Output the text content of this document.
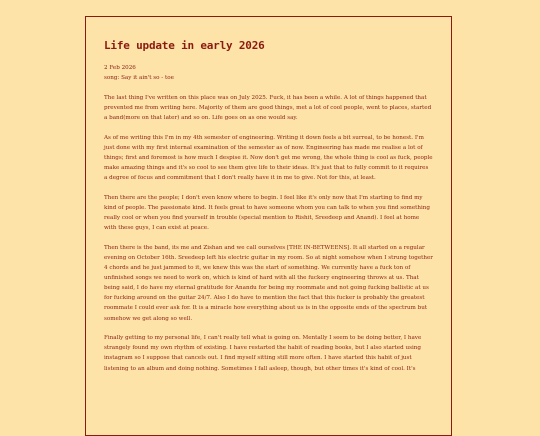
Life update in early 2026
2 Feb 2026
song: Say it ain't so - toe

The last thing I've written on this place was on July 2025. Fuck, it has been a while. A lot of things happened that prevented me from writing here. Majority of them are good things, met a lot of cool people, went to places, started a band(more on that later) and so on. Life goes on as one would say.

As of me writing this I'm in my 4th semester of engineering. Writing it down feels a bit surreal, to be honest. I'm just done with my first internal examination of the semester as of now. Engineering has made me realise a lot of things; first and foremost is how much I despise it. Now don't get me wrong, the whole thing is cool as fuck, people make amazing things and it's so cool to see them give life to their ideas. It's just that to fully commit to it requires a degree of focus and commitment that I don't really have it in me to give. Not for this, at least.

Then there are the people; I don't even know where to begin. I feel like it's only now that I'm starting to find my kind of people. The passionate kind. It feels great to have someone whom you can talk to when you find something really cool or when you find yourself in trouble (special mention to Rishit, Sreedeep and Anand). I feel at home with these guys, I can exist at peace.

Then there is the band, its me and Zishan and we call ourselves [THE IN-BETWEENS]. It all started on a regular evening on October 16th. Sreedeep left his electric guitar in my room. So at night somehow when I strung together 4 chords and he just jammed to it, we knew this was the start of something. We currently have a fuck ton of unfinished songs we need to work on, which is kind of hard with all the fuckery engineering throws at us. That being said, I do have my eternal gratitude for Anandu for being my roommate and not going fucking ballistic at us for fucking around on the guitar 24/7. Also I do have to mention the fact that this fucker is probably the greatest roommate I could ever ask for. It is a miracle how everything about us is in the opposite ends of the spectrum but somehow we get along so well.

Finally getting to my personal life, I can't really tell what is going on. Mentally I seem to be doing better, I have strangely found my own rhythm of existing. I have restarted the habit of reading books, but I also started using instagram so I suppose that cancels out. I find myself sitting still more often. I have started this habit of just listening to an album and doing nothing. Sometimes I fall asleep, though, but other times it's kind of cool. It's
